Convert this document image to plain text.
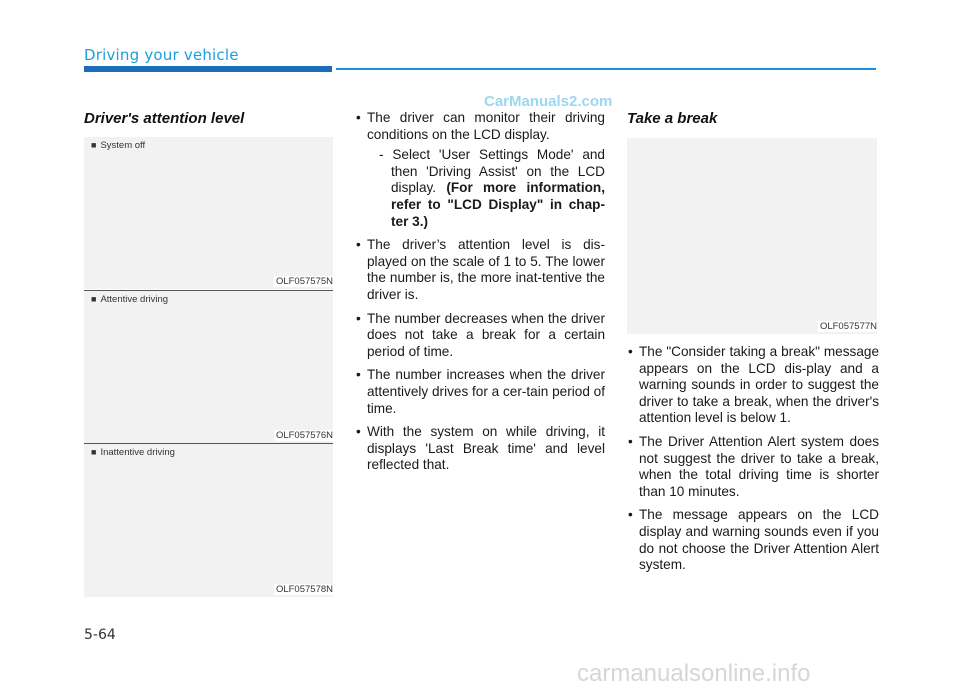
Driving your vehicle
CarManuals2.com
Driver's attention level
■ System off
OLF057575N
■ Attentive driving
OLF057576N
■ Inattentive driving
OLF057578N
• The driver can monitor their driving conditions on the LCD display.
- Select 'User Settings Mode' and then 'Driving Assist' on the LCD display. (For more information, refer to "LCD Display" in chap-ter 3.)
• The driver’s attention level is dis-played on the scale of 1 to 5. The lower the number is, the more inat-tentive the driver is.
• The number decreases when the driver does not take a break for a certain period of time.
• The number increases when the driver attentively drives for a cer-tain period of time.
• With the system on while driving, it displays 'Last Break time' and level reflected that.
Take a break
OLF057577N
• The "Consider taking a break" message appears on the LCD dis-play and a warning sounds in order to suggest the driver to take a break, when the driver's attention level is below 1.
• The Driver Attention Alert system does not suggest the driver to take a break, when the total driving time is shorter than 10 minutes.
• The message appears on the LCD display and warning sounds even if you do not choose the Driver Attention Alert system.
5-64
carmanualsonline.info
